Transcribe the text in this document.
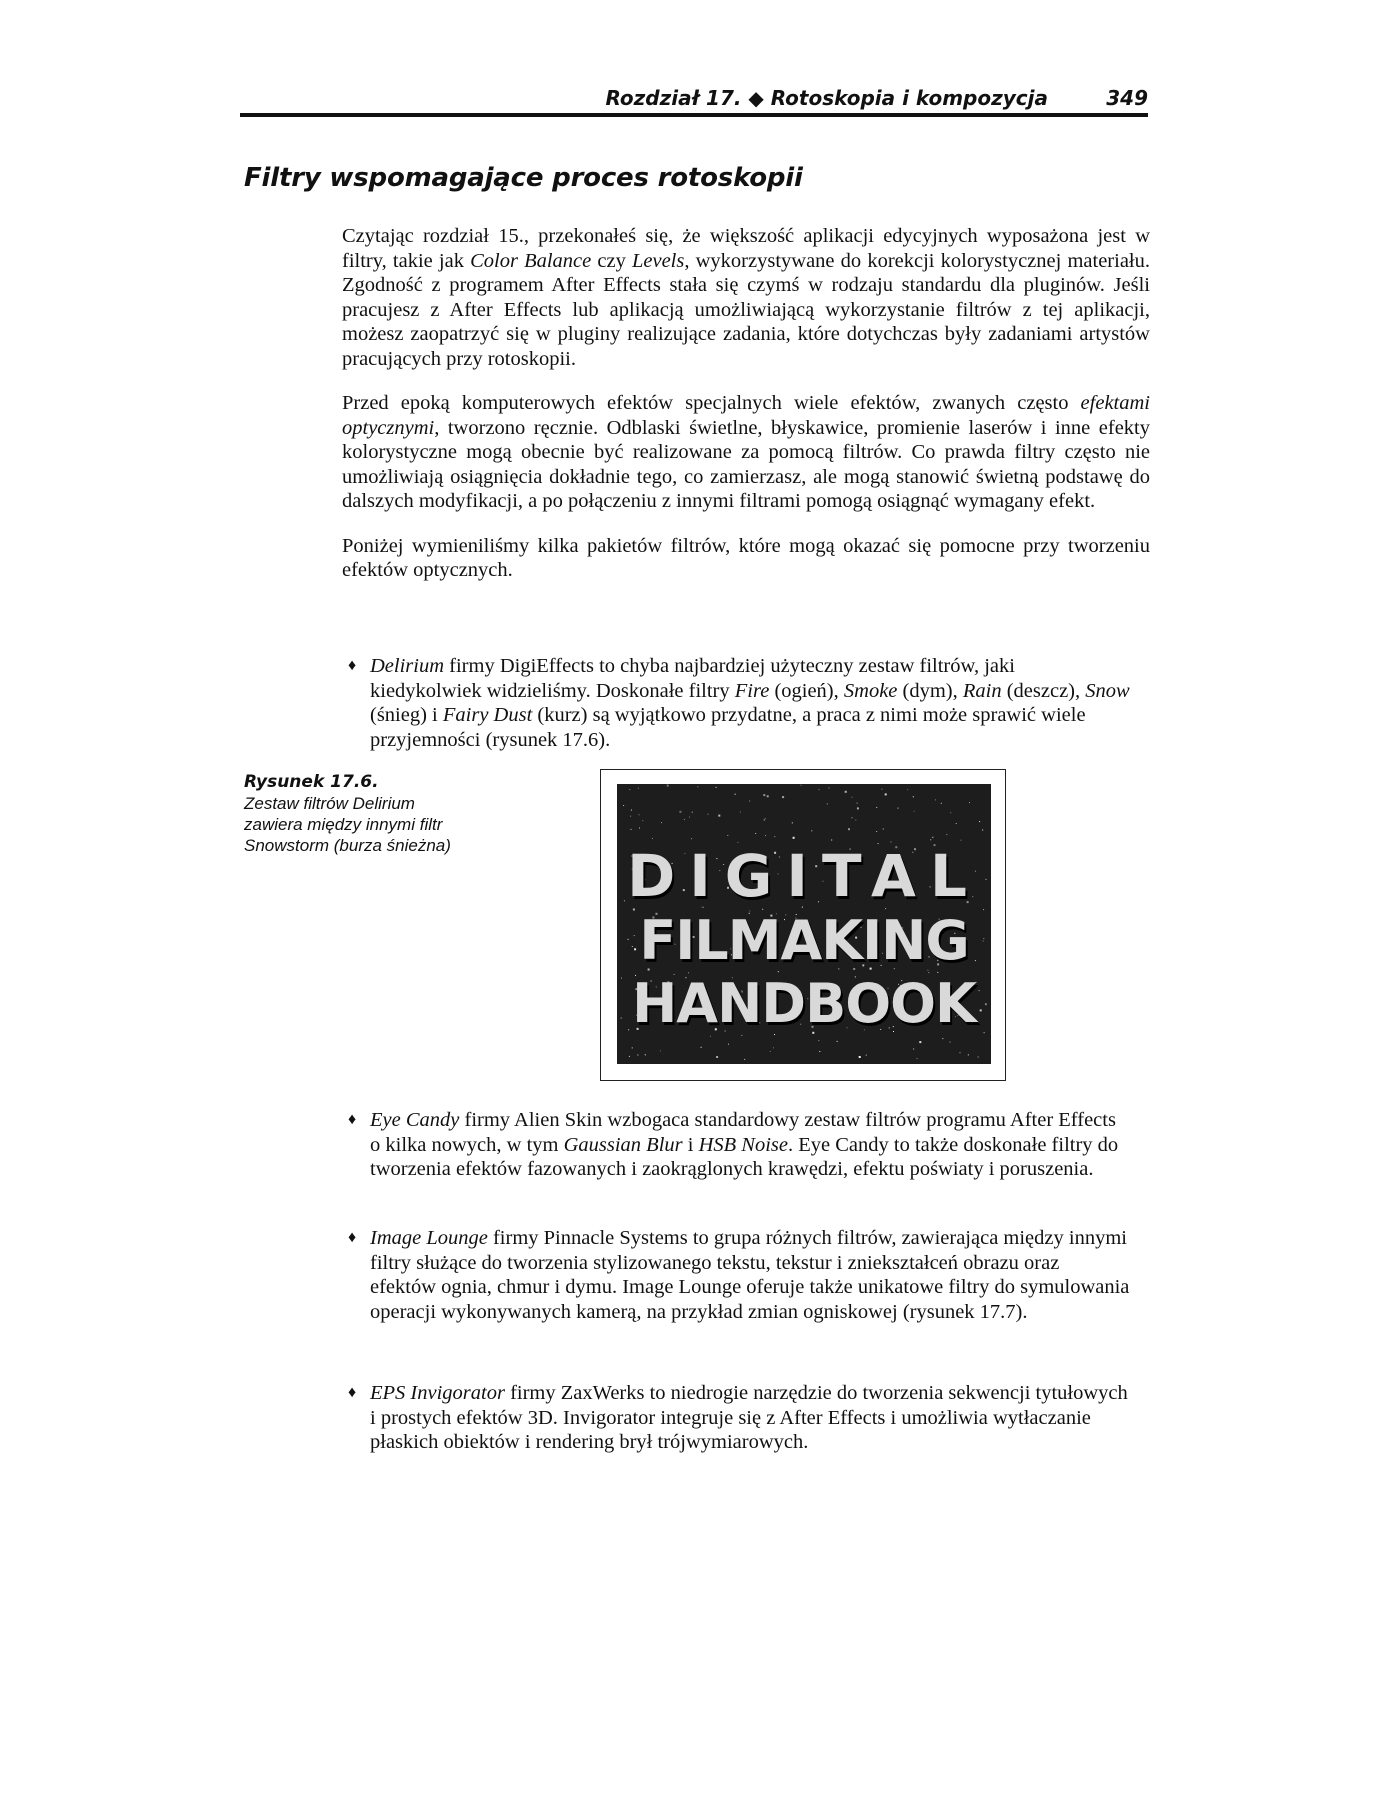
Rozdział 17. ◆ Rotoskopia i kompozycja	349
Filtry wspomagające proces rotoskopii

Czytając rozdział 15., przekonałeś się, że większość aplikacji edycyjnych wyposażona jest w filtry, takie jak Color Balance czy Levels, wykorzystywane do korekcji kolorystycznej materiału. Zgodność z programem After Effects stała się czymś w rodzaju standardu dla pluginów. Jeśli pracujesz z After Effects lub aplikacją umożliwiającą wykorzystanie filtrów z tej aplikacji, możesz zaopatrzyć się w pluginy realizujące zadania, które dotychczas były zadaniami artystów pracujących przy rotoskopii.

Przed epoką komputerowych efektów specjalnych wiele efektów, zwanych często efektami optycznymi, tworzono ręcznie. Odblaski świetlne, błyskawice, promienie laserów i inne efekty kolorystyczne mogą obecnie być realizowane za pomocą filtrów. Co prawda filtry często nie umożliwiają osiągnięcia dokładnie tego, co zamierzasz, ale mogą stanowić świetną podstawę do dalszych modyfikacji, a po połączeniu z innymi filtrami pomogą osiągnąć wymagany efekt.

Poniżej wymieniliśmy kilka pakietów filtrów, które mogą okazać się pomocne przy tworzeniu efektów optycznych.

♦ Delirium firmy DigiEffects to chyba najbardziej użyteczny zestaw filtrów, jaki kiedykolwiek widzieliśmy. Doskonałe filtry Fire (ogień), Smoke (dym), Rain (deszcz), Snow (śnieg) i Fairy Dust (kurz) są wyjątkowo przydatne, a praca z nimi może sprawić wiele przyjemności (rysunek 17.6).
Rysunek 17.6.
Zestaw filtrów Delirium zawiera między innymi filtr Snowstorm (burza śnieżna)	DIGITAL
FILMAKING
HANDBOOK
♦ Eye Candy firmy Alien Skin wzbogaca standardowy zestaw filtrów programu After Effects o kilka nowych, w tym Gaussian Blur i HSB Noise. Eye Candy to także doskonałe filtry do tworzenia efektów fazowanych i zaokrąglonych krawędzi, efektu poświaty i poruszenia.
♦ Image Lounge firmy Pinnacle Systems to grupa różnych filtrów, zawierająca między innymi filtry służące do tworzenia stylizowanego tekstu, tekstur i zniekształceń obrazu oraz efektów ognia, chmur i dymu. Image Lounge oferuje także unikatowe filtry do symulowania operacji wykonywanych kamerą, na przykład zmian ogniskowej (rysunek 17.7).
♦ EPS Invigorator firmy ZaxWerks to niedrogie narzędzie do tworzenia sekwencji tytułowych i prostych efektów 3D. Invigorator integruje się z After Effects i umożliwia wytłaczanie płaskich obiektów i rendering brył trójwymiarowych.
